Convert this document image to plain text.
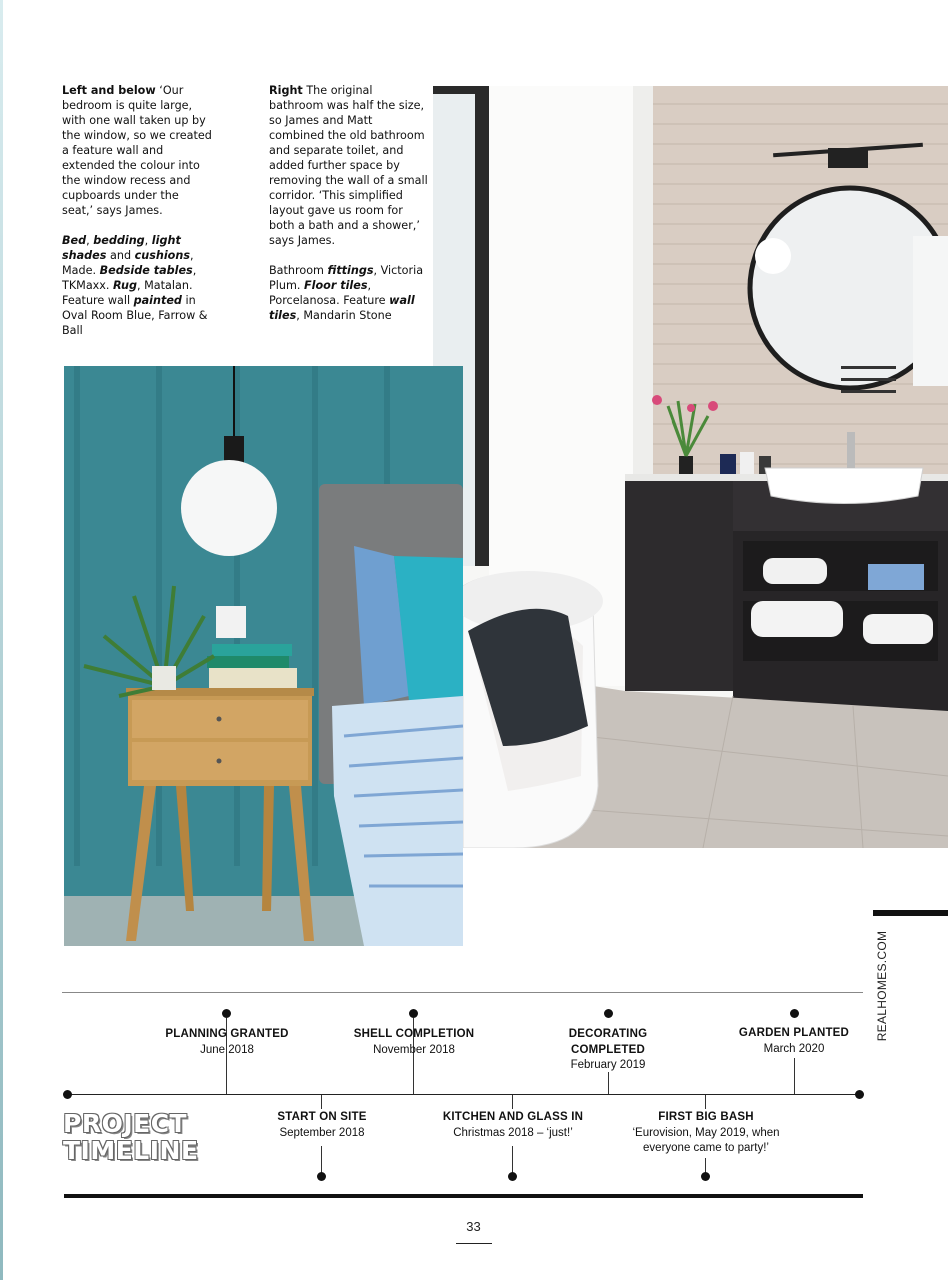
Left and below ‘Our bedroom is quite large, with one wall taken up by the window, so we created a feature wall and extended the colour into the window recess and cupboards under the seat,’ says James.

Bed, bedding, light shades and cushions, Made. Bedside tables, TKMaxx. Rug, Matalan. Feature wall painted in Oval Room Blue, Farrow & Ball

Right The original bathroom was half the size, so James and Matt combined the old bathroom and separate toilet, and added further space by removing the wall of a small corridor. ‘This simplified layout gave us room for both a bath and a shower,’ says James.

Bathroom fittings, Victoria Plum. Floor tiles, Porcelanosa. Feature wall tiles, Mandarin Stone

REALHOMES.COM
PLANNING GRANTED
June 2018
SHELL COMPLETION
November 2018
DECORATING COMPLETED
February 2019
GARDEN PLANTED
March 2020
START ON SITE
September 2018
KITCHEN AND GLASS IN
Christmas 2018 – ‘just!’
FIRST BIG BASH
‘Eurovision, May 2019, when everyone came to party!’
PROJECT
TIMELINE
33
